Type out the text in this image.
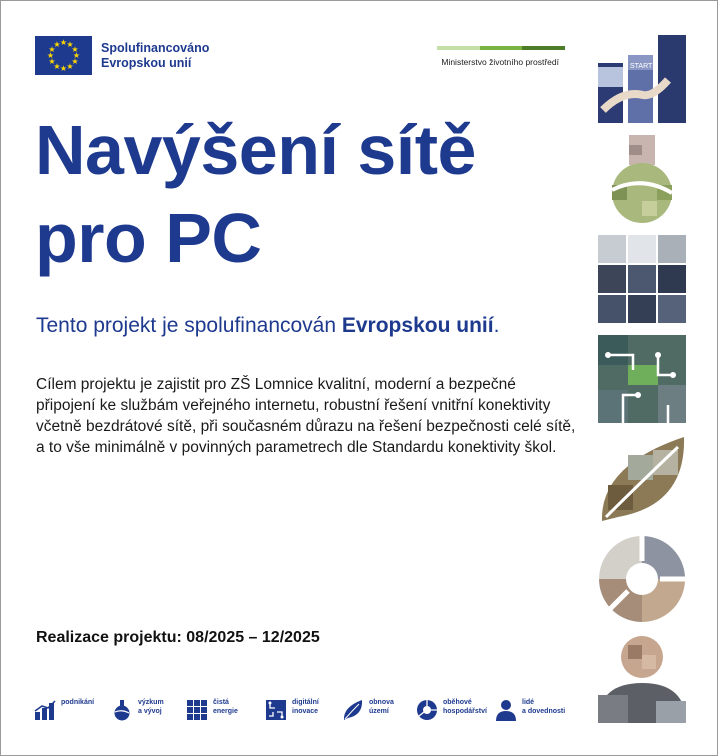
★ ★
★
★
★
★
★
★
★
★
★
★	Spolufinancováno
Evropskou unií	Ministerstvo životního prostředí
Navýšení sítě
pro PC
Tento projekt je spolufinancován Evropskou unií.
Cílem projektu je zajistit pro ZŠ Lomnice kvalitní, moderní a bezpečné připojení ke službám veřejného internetu, robustní řešení vnitřní konektivity včetně bezdrátové sítě, při současném důrazu na řešení bezpečnosti celé sítě, a to vše minimálně v povinných parametrech dle Standardu konektivity škol.
Realizace projektu: 08/2025 – 12/2025
podnikání	výzkum
a vývoj
čistá
energie
digitální
inovace
obnova
území
oběhové
hospodářství
lidé
a dovednosti
START
